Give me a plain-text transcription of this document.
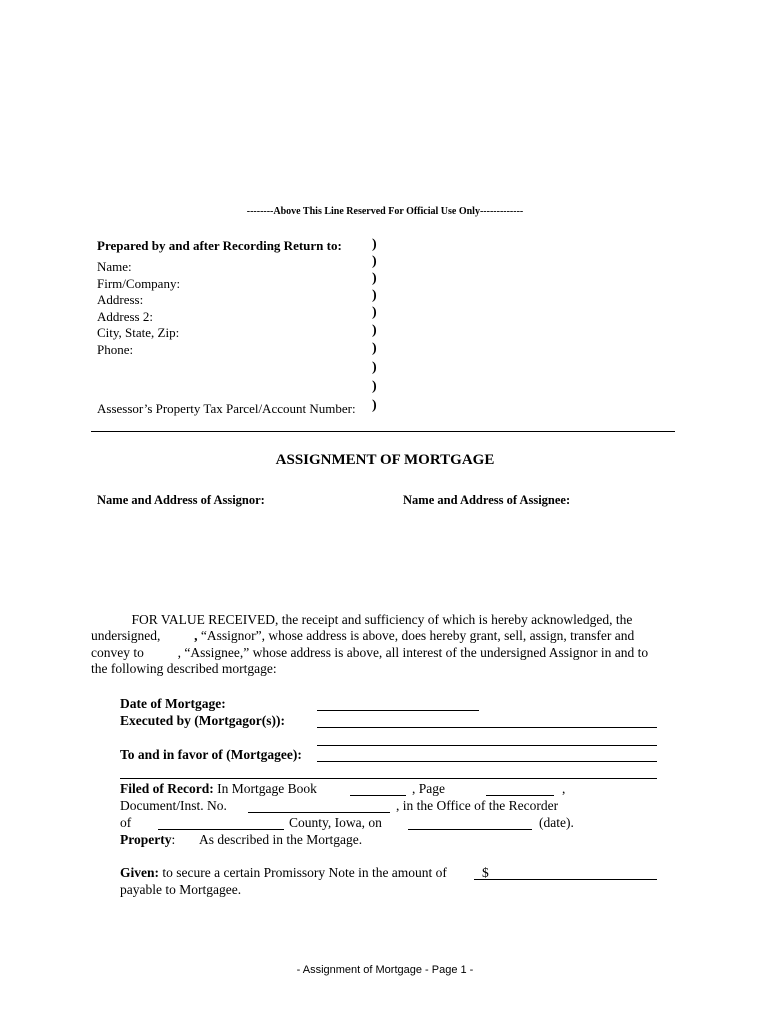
--------Above This Line Reserved For Official Use Only-------------
Prepared by and after Recording Return to:
Name:
Firm/Company:
Address:
Address 2:
City, State, Zip:
Phone:
Assessor’s Property Tax Parcel/Account Number:
)
)
)
)
)
)
)
)
)
)
ASSIGNMENT OF MORTGAGE
Name and Address of Assignor:	Name and Address of Assignee:
FOR VALUE RECEIVED, the receipt and sufficiency of which is hereby acknowledged, the
undersigned,          , “Assignor”, whose address is above, does hereby grant, sell, assign, transfer and
convey to          , “Assignee,” whose address is above, all interest of the undersigned Assignor in and to
the following described mortgage:
Date of Mortgage:
Executed by (Mortgagor(s)):
To and in favor of (Mortgagee):
Filed of Record: In Mortgage Book	, Page	,
Document/Inst. No.	, in the Office of the Recorder
of	County, Iowa, on	(date).
Property: As described in the Mortgage.
Given: to secure a certain Promissory Note in the amount of	$
payable to Mortgagee.
- Assignment of Mortgage - Page 1 -
